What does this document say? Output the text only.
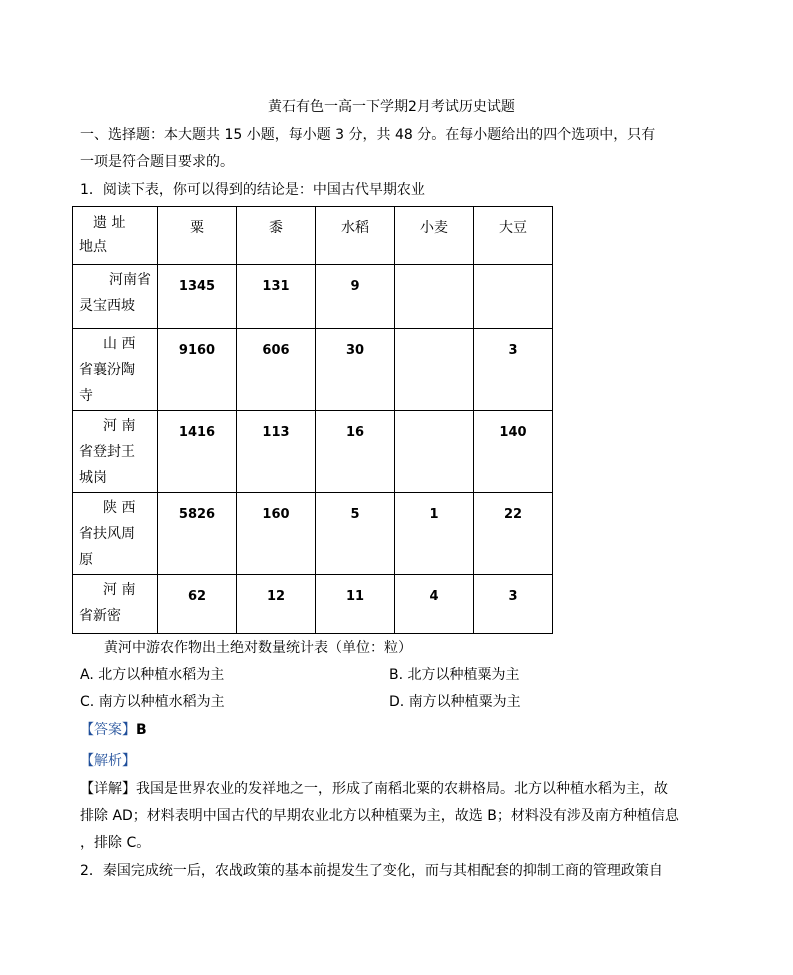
黄石有色一高一下学期2月考试历史试题
一、选择题：本大题共 15 小题，每小题 3 分，共 48 分。在每小题给出的四个选项中，只有
一项是符合题目要求的。
1．阅读下表，你可以得到的结论是：中国古代早期农业
遗 址
地点	粟	黍	水稻	小麦	大豆

河南省
灵宝西坡	1345	131	9		

山 西
省襄汾陶
寺	9160	606	30		3

河 南
省登封王
城岗	1416	113	16		140

陕 西
省扶风周
原	5826	160	5	1	22

河 南
省新密	62	12	11	4	3
黄河中游农作物出土绝对数量统计表（单位：粒）
A. 北方以种植水稻为主	B. 北方以种植粟为主
C. 南方以种植水稻为主	D. 南方以种植粟为主
【答案】B
【解析】
【详解】我国是世界农业的发祥地之一，形成了南稻北粟的农耕格局。北方以种植水稻为主，故
排除 AD；材料表明中国古代的早期农业北方以种植粟为主，故选 B；材料没有涉及南方种植信息
，排除 C。
2．秦国完成统一后，农战政策的基本前提发生了变化，而与其相配套的抑制工商的管理政策自
